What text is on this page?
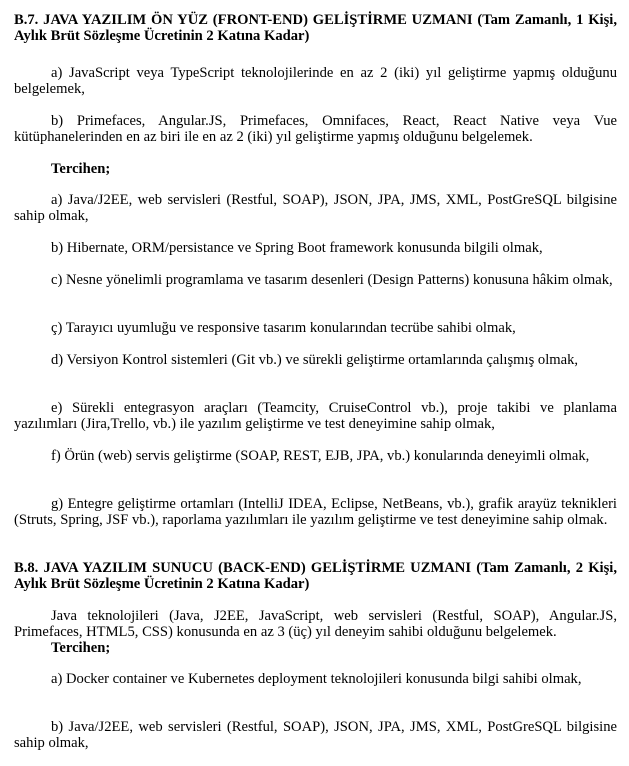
B.7. JAVA YAZILIM ÖN YÜZ (FRONT-END) GELİŞTİRME UZMANI (Tam Zamanlı, 1 Kişi, Aylık Brüt Sözleşme Ücretinin 2 Katına Kadar)

a) JavaScript veya TypeScript teknolojilerinde en az 2 (iki) yıl geliştirme yapmış olduğunu belgelemek,

b) Primefaces, Angular.JS, Primefaces, Omnifaces, React, React Native veya Vue kütüphanelerinden en az biri ile en az 2 (iki) yıl geliştirme yapmış olduğunu belgelemek.

Tercihen;

a) Java/J2EE, web servisleri (Restful, SOAP), JSON, JPA, JMS, XML, PostGreSQL bilgisine sahip olmak,

b) Hibernate, ORM/persistance ve Spring Boot framework konusunda bilgili olmak,

c) Nesne yönelimli programlama ve tasarım desenleri (Design Patterns) konusuna hâkim olmak,

ç) Tarayıcı uyumluğu ve responsive tasarım konularından tecrübe sahibi olmak,

d) Versiyon Kontrol sistemleri (Git vb.) ve sürekli geliştirme ortamlarında çalışmış olmak,

e) Sürekli entegrasyon araçları (Teamcity, CruiseControl vb.), proje takibi ve planlama yazılımları (Jira,Trello, vb.) ile yazılım geliştirme ve test deneyimine sahip olmak,

f) Örün (web) servis geliştirme (SOAP, REST, EJB, JPA, vb.) konularında deneyimli olmak,

g) Entegre geliştirme ortamları (IntelliJ IDEA, Eclipse, NetBeans, vb.), grafik arayüz teknikleri (Struts, Spring, JSF vb.), raporlama yazılımları ile yazılım geliştirme ve test deneyimine sahip olmak.

B.8. JAVA YAZILIM SUNUCU (BACK-END) GELİŞTİRME UZMANI (Tam Zamanlı, 2 Kişi, Aylık Brüt Sözleşme Ücretinin 2 Katına Kadar)

Java teknolojileri (Java, J2EE, JavaScript, web servisleri (Restful, SOAP), Angular.JS, Primefaces, HTML5, CSS) konusunda en az 3 (üç) yıl deneyim sahibi olduğunu belgelemek.

Tercihen;

a) Docker container ve Kubernetes deployment teknolojileri konusunda bilgi sahibi olmak,

b) Java/J2EE, web servisleri (Restful, SOAP), JSON, JPA, JMS, XML, PostGreSQL bilgisine sahip olmak,
